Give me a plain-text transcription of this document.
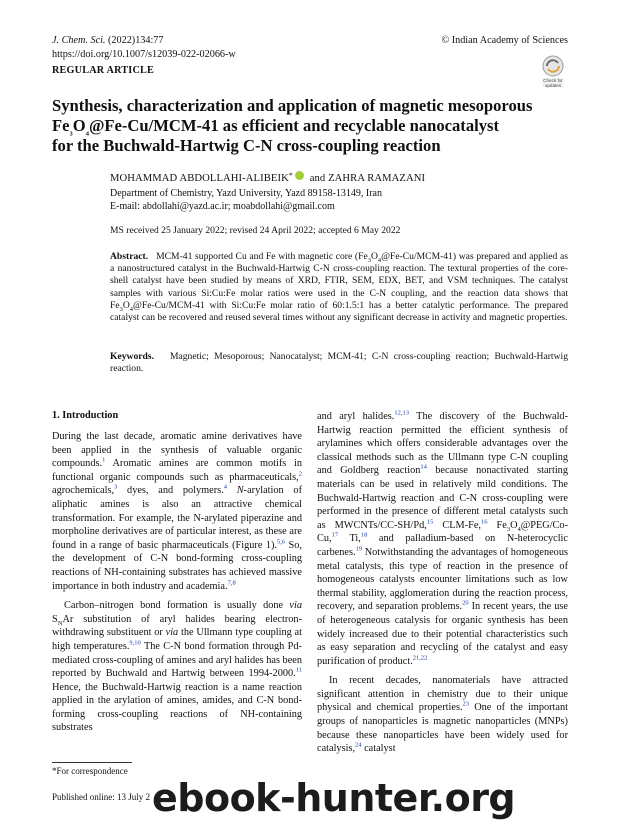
J. Chem. Sci. (2022)134:77
https://doi.org/10.1007/s12039-022-02066-w
© Indian Academy of Sciences
REGULAR ARTICLE
Check for updates
Synthesis, characterization and application of magnetic mesoporous
$Fe_3O_4@Fe-Cu/MCM-41$ as efficient and recyclable nanocatalyst
for the Buchwald-Hartwig C-N cross-coupling reaction
MOHAMMAD ABDOLLAHI-ALIBEIK* and ZAHRA RAMAZANI
Department of Chemistry, Yazd University, Yazd 89158-13149, Iran
E-mail: abdollahi@yazd.ac.ir; moabdollahi@gmail.com
MS received 25 January 2022; revised 24 April 2022; accepted 6 May 2022
Abstract. MCM-41 supported Cu and Fe with magnetic core $(Fe_3O_4@Fe-Cu/MCM-41)$ was prepared and applied as a nanostructured catalyst in the Buchwald-Hartwig C-N cross-coupling reaction. The textural properties of the core-shell catalyst have been studied by means of XRD, FTIR, SEM, EDX, BET, and VSM techniques. The catalyst samples with various Si:Cu:Fe molar ratios were used in the C-N coupling, and the reaction data shows that $Fe_3O_4@Fe-Cu/MCM-41$ with Si:Cu:Fe molar ratio of 60:1.5:1 has a better catalytic performance. The prepared catalyst can be recovered and reused several times without any significant decrease in activity and magnetic properties.
Keywords. Magnetic; Mesoporous; Nanocatalyst; MCM-41; C-N cross-coupling reaction; Buchwald-Hartwig reaction.
1. Introduction

During the last decade, aromatic amine derivatives have been applied in the synthesis of valuable organic compounds.$^1$ Aromatic amines are common motifs in functional organic compounds such as pharmaceuticals,$^2$ agrochemicals,$^3$ dyes, and polymers.$^4$ N-arylation of aliphatic amines is also an attractive chemical transformation. For example, the N-arylated piperazine and morpholine derivatives are of particular interest, as these are found in a range of basic pharmaceuticals (Figure 1).$^{5,6}$ So, the development of C-N bond-forming cross-coupling reactions of NH-containing substrates has achieved massive importance in both industry and academia.$^{7,8}$

Carbon–nitrogen bond formation is usually done via $S_NAr$ substitution of aryl halides bearing electron-withdrawing substituent or via the Ullmann type coupling at high temperatures.$^{9,10}$ The C-N bond formation through Pd-mediated cross-coupling of amines and aryl halides has been reported by Buchwald and Hartwig between 1994-2000.11 Hence, the Buchwald-Hartwig reaction is a name reaction applied in the arylation of amines, amides, and C-N bond-forming cross-coupling reactions of NH-containing substrates

and aryl halides.$^{12,13}$ The discovery of the Buchwald-Hartwig reaction permitted the efficient synthesis of arylamines which offers considerable advantages over the classical methods such as the Ullmann type C-N coupling and Goldberg reaction$^{14}$ because nonactivated starting materials can be used in relatively mild conditions. The Buchwald-Hartwig reaction and C-N cross-coupling were performed in the presence of different metal catalysts such as MWCNTs/CC-SH/Pd,$^{15}$ CLM-Fe,$^{16}$ $Fe_3O_4@PEG/Co-Cu,^{17}$ Ti,$^{18}$ and palladium-based on N-heterocyclic carbenes.$^{19}$ Notwithstanding the advantages of homogeneous metal catalysts, this type of reaction in the presence of homogeneous catalysts encounter limitations such as low thermal stability, agglomeration during the reaction process, recovery, and separation problems.$^{20}$ In recent years, the use of heterogeneous catalysis for organic synthesis has been widely increased due to their potential characteristics such as easy separation and recycling of the catalyst and easy purification of product.$^{21,22}$

In recent decades, nanomaterials have attracted significant attention in chemistry due to their unique physical and chemical properties.$^{23}$ One of the important groups of nanoparticles is magnetic nanoparticles (MNPs) because these nanoparticles have been widely used for catalysis,$^{24}$ catalyst

*For correspondence
Published online: 13 July 2 ebook-hunter.org
